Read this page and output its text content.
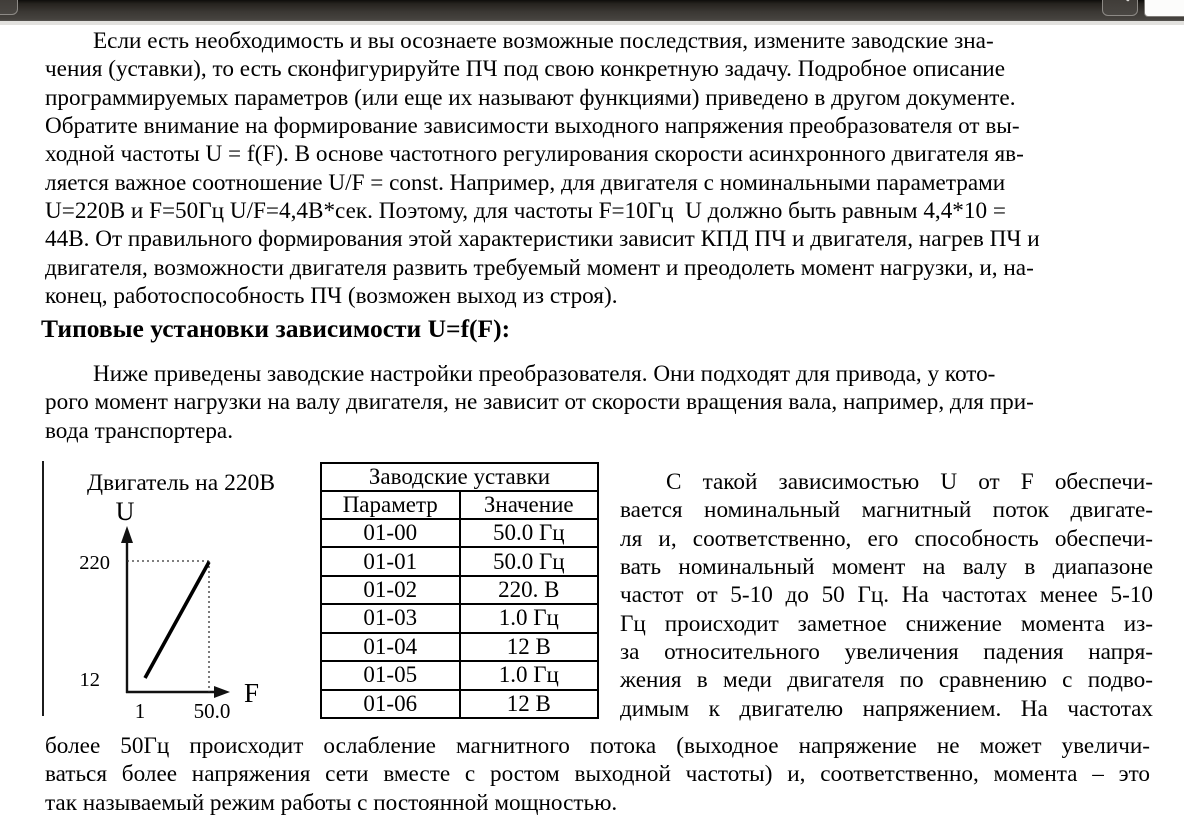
Если есть необходимость и вы осознаете возможные последствия, измените заводские зна-
чения (уставки), то есть сконфигурируйте ПЧ под свою конкретную задачу. Подробное описание
программируемых параметров (или еще их называют функциями) приведено в другом документе.
Обратите внимание на формирование зависимости выходного напряжения преобразователя от вы-
ходной частоты U = f(F). В основе частотного регулирования скорости асинхронного двигателя яв-
ляется важное соотношение U/F = const. Например, для двигателя с номинальными параметрами
U=220В и F=50Гц U/F=4,4В*сек. Поэтому, для частоты F=10Гц  U должно быть равным 4,4*10 =
44В. От правильного формирования этой характеристики зависит КПД ПЧ и двигателя, нагрев ПЧ и
двигателя, возможности двигателя развить требуемый момент и преодолеть момент нагрузки, и, на-
конец, работоспособность ПЧ (возможен выход из строя).
Типовые установки зависимости U=f(F):
Ниже приведены заводские настройки преобразователя. Они подходят для привода, у кото-
рого момент нагрузки на валу двигателя, не зависит от скорости вращения вала, например, для при-
вода транспортера.
Двигатель на 220В
U
220
12
1 50.0
F
Заводские уставки	
Параметр	Значение
01-00	50.0 Гц
01-01	50.0 Гц
01-02	220. В
01-03	1.0 Гц
01-04	12 В
01-05	1.0 Гц
01-06	12 В
С такой зависимостью U от F обеспечи-
вается номинальный магнитный поток двигате-
ля и, соответственно, его способность обеспечи-
вать номинальный момент на валу в диапазоне
частот от 5-10 до 50 Гц. На частотах менее 5-10
Гц происходит заметное снижение момента из-
за относительного увеличения падения напря-
жения в меди двигателя по сравнению с подво-
димым к двигателю напряжением. На частотах
более 50Гц происходит ослабление магнитного потока (выходное напряжение не может увеличи-
ваться более напряжения сети вместе с ростом выходной частоты) и, соответственно, момента – это
так называемый режим работы с постоянной мощностью.
